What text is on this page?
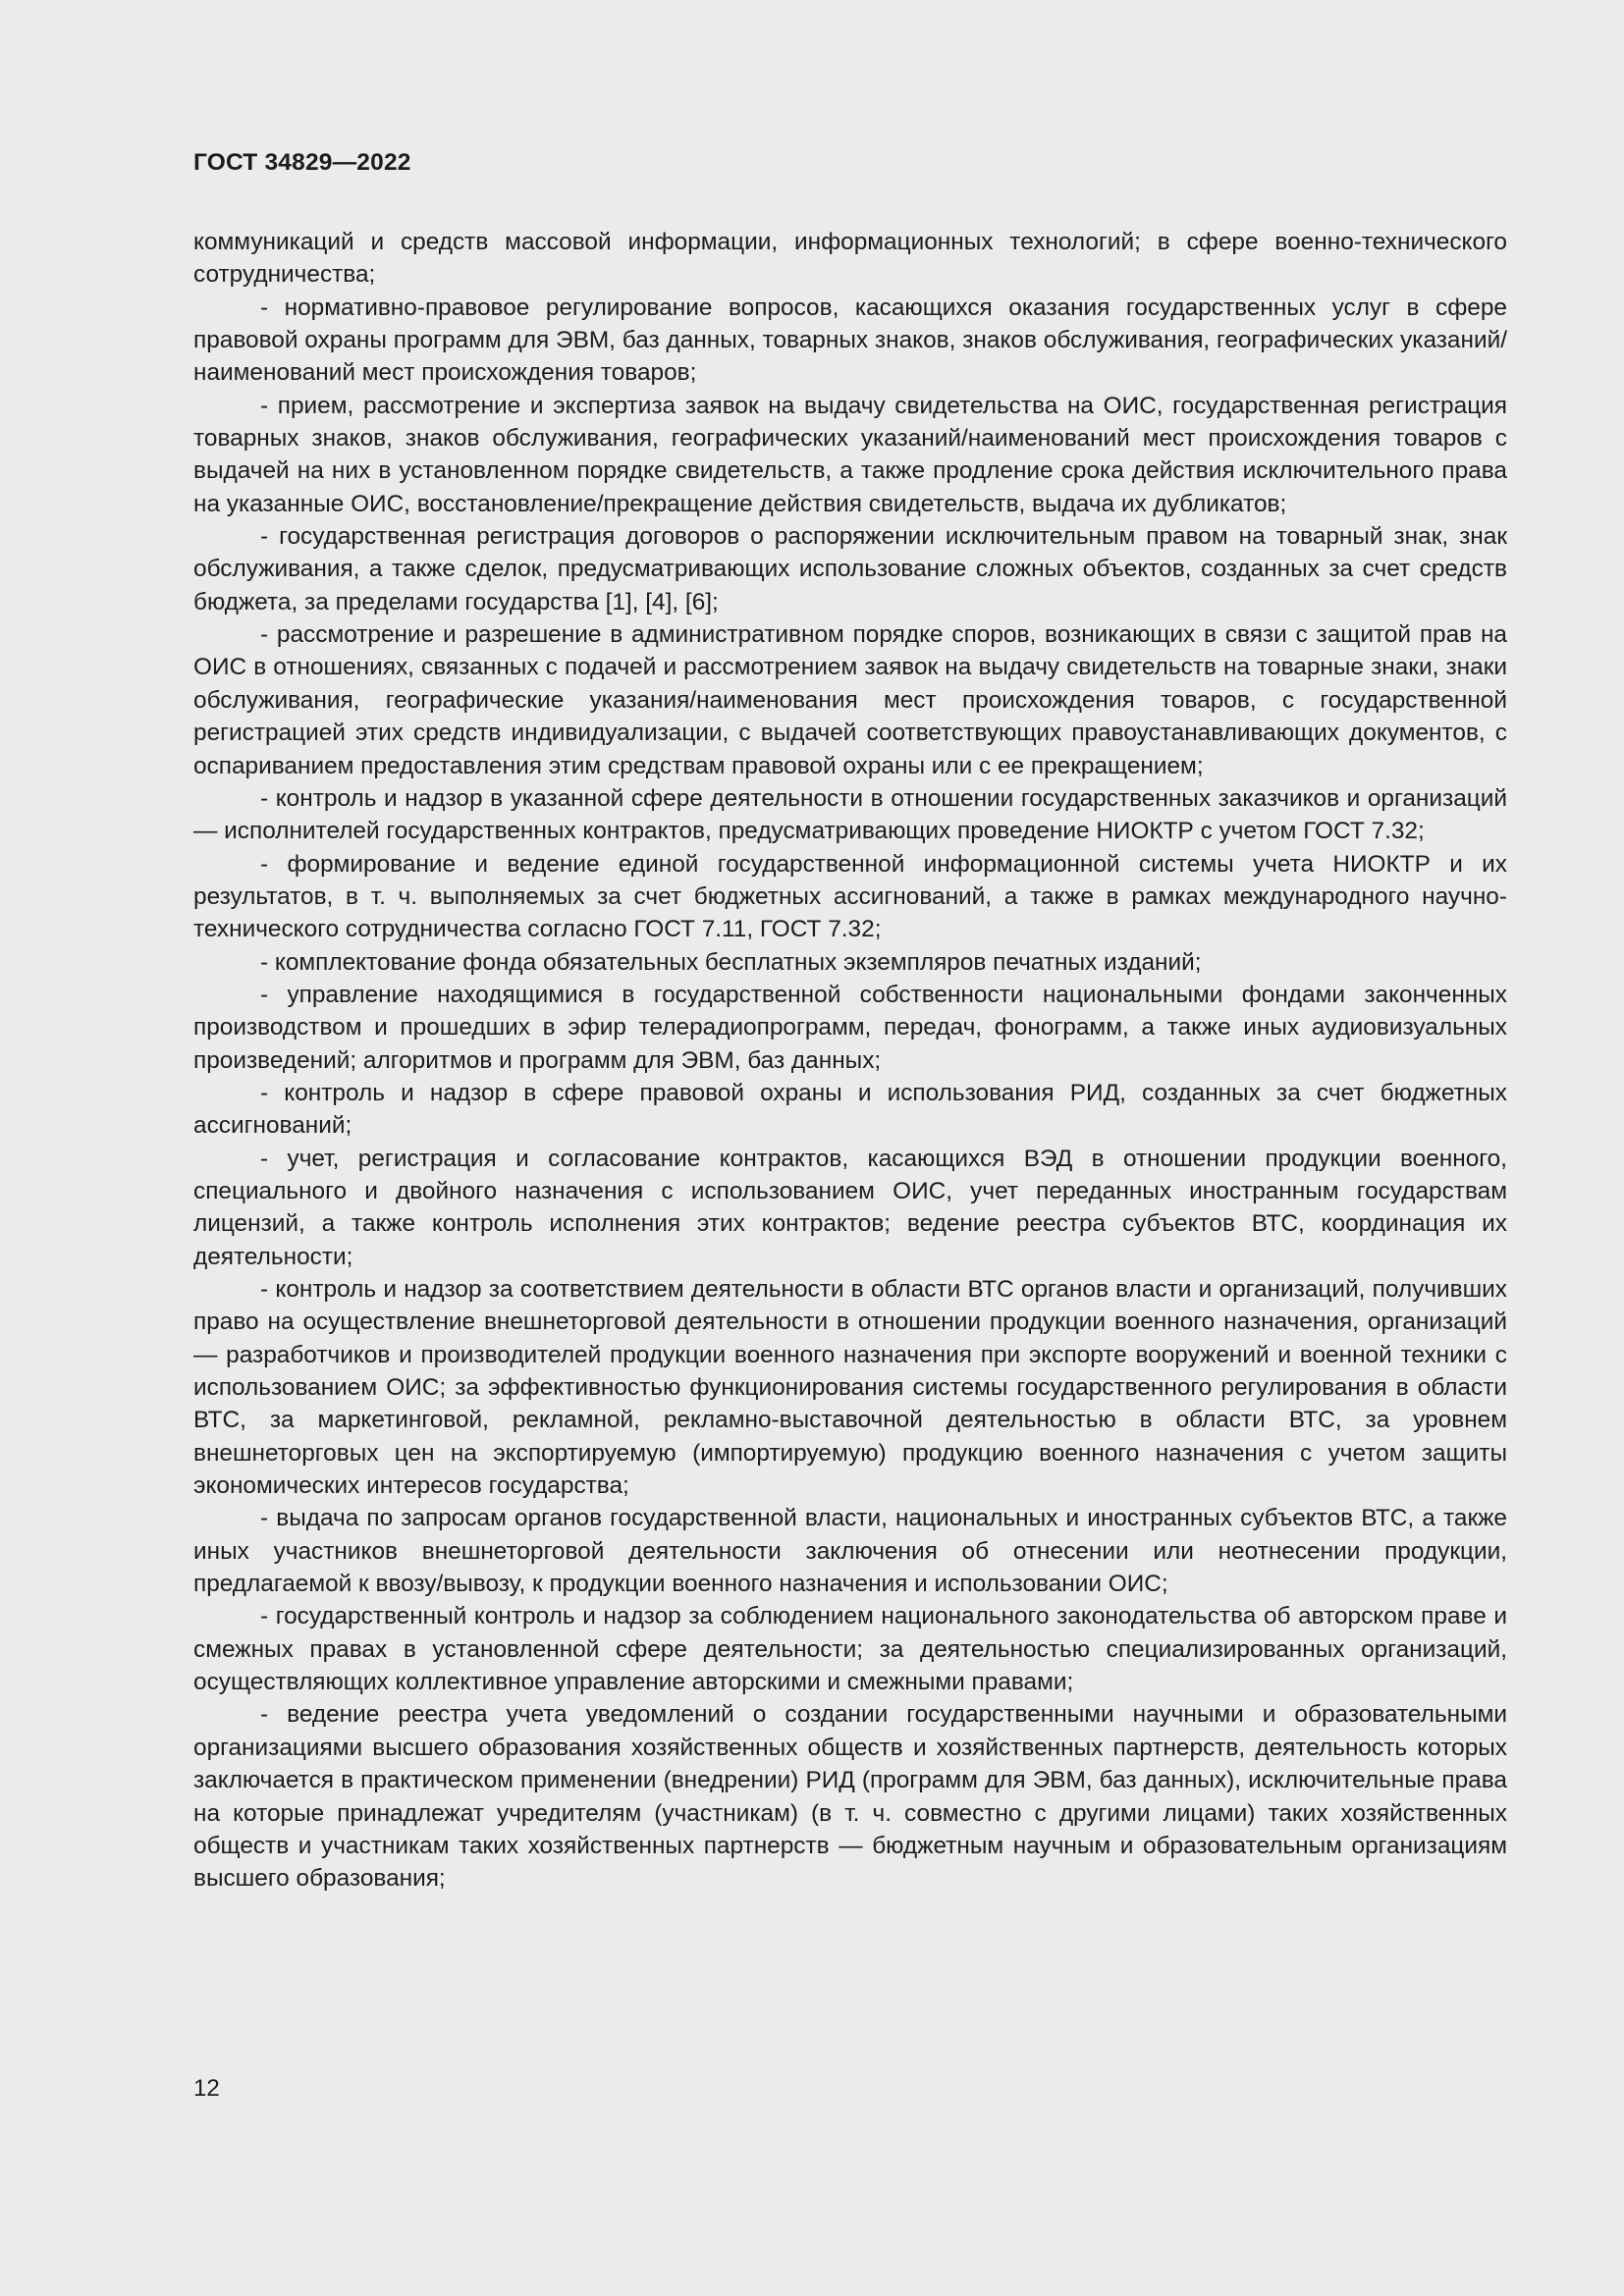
ГОСТ 34829—2022

коммуникаций и средств массовой информации, информационных технологий; в сфере военно-технического сотрудничества;

- нормативно-правовое регулирование вопросов, касающихся оказания государственных услуг в сфере правовой охраны программ для ЭВМ, баз данных, товарных знаков, знаков обслуживания, географических указаний/наименований мест происхождения товаров;

- прием, рассмотрение и экспертиза заявок на выдачу свидетельства на ОИС, государственная регистрация товарных знаков, знаков обслуживания, географических указаний/наименований мест происхождения товаров с выдачей на них в установленном порядке свидетельств, а также продление срока действия исключительного права на указанные ОИС, восстановление/прекращение действия свидетельств, выдача их дубликатов;

- государственная регистрация договоров о распоряжении исключительным правом на товарный знак, знак обслуживания, а также сделок, предусматривающих использование сложных объектов, созданных за счет средств бюджета, за пределами государства [1], [4], [6];

- рассмотрение и разрешение в административном порядке споров, возникающих в связи с защитой прав на ОИС в отношениях, связанных с подачей и рассмотрением заявок на выдачу свидетельств на товарные знаки, знаки обслуживания, географические указания/наименования мест происхождения товаров, с государственной регистрацией этих средств индивидуализации, с выдачей соответствующих правоустанавливающих документов, с оспариванием предоставления этим средствам правовой охраны или с ее прекращением;

- контроль и надзор в указанной сфере деятельности в отношении государственных заказчиков и организаций — исполнителей государственных контрактов, предусматривающих проведение НИОКТР с учетом ГОСТ 7.32;

- формирование и ведение единой государственной информационной системы учета НИОКТР и их результатов, в т. ч. выполняемых за счет бюджетных ассигнований, а также в рамках международного научно-технического сотрудничества согласно ГОСТ 7.11, ГОСТ 7.32;

- комплектование фонда обязательных бесплатных экземпляров печатных изданий;

- управление находящимися в государственной собственности национальными фондами законченных производством и прошедших в эфир телерадиопрограмм, передач, фонограмм, а также иных аудиовизуальных произведений; алгоритмов и программ для ЭВМ, баз данных;

- контроль и надзор в сфере правовой охраны и использования РИД, созданных за счет бюджетных ассигнований;

- учет, регистрация и согласование контрактов, касающихся ВЭД в отношении продукции военного, специального и двойного назначения с использованием ОИС, учет переданных иностранным государствам лицензий, а также контроль исполнения этих контрактов; ведение реестра субъектов ВТС, координация их деятельности;

- контроль и надзор за соответствием деятельности в области ВТС органов власти и организаций, получивших право на осуществление внешнеторговой деятельности в отношении продукции военного назначения, организаций — разработчиков и производителей продукции военного назначения при экспорте вооружений и военной техники с использованием ОИС; за эффективностью функционирования системы государственного регулирования в области ВТС, за маркетинговой, рекламной, рекламно-выставочной деятельностью в области ВТС, за уровнем внешнеторговых цен на экспортируемую (импортируемую) продукцию военного назначения с учетом защиты экономических интересов государства;

- выдача по запросам органов государственной власти, национальных и иностранных субъектов ВТС, а также иных участников внешнеторговой деятельности заключения об отнесении или неотнесении продукции, предлагаемой к ввозу/вывозу, к продукции военного назначения и использовании ОИС;

- государственный контроль и надзор за соблюдением национального законодательства об авторском праве и смежных правах в установленной сфере деятельности; за деятельностью специализированных организаций, осуществляющих коллективное управление авторскими и смежными правами;

- ведение реестра учета уведомлений о создании государственными научными и образовательными организациями высшего образования хозяйственных обществ и хозяйственных партнерств, деятельность которых заключается в практическом применении (внедрении) РИД (программ для ЭВМ, баз данных), исключительные права на которые принадлежат учредителям (участникам) (в т. ч. совместно с другими лицами) таких хозяйственных обществ и участникам таких хозяйственных партнерств — бюджетным научным и образовательным организациям высшего образования;

12
